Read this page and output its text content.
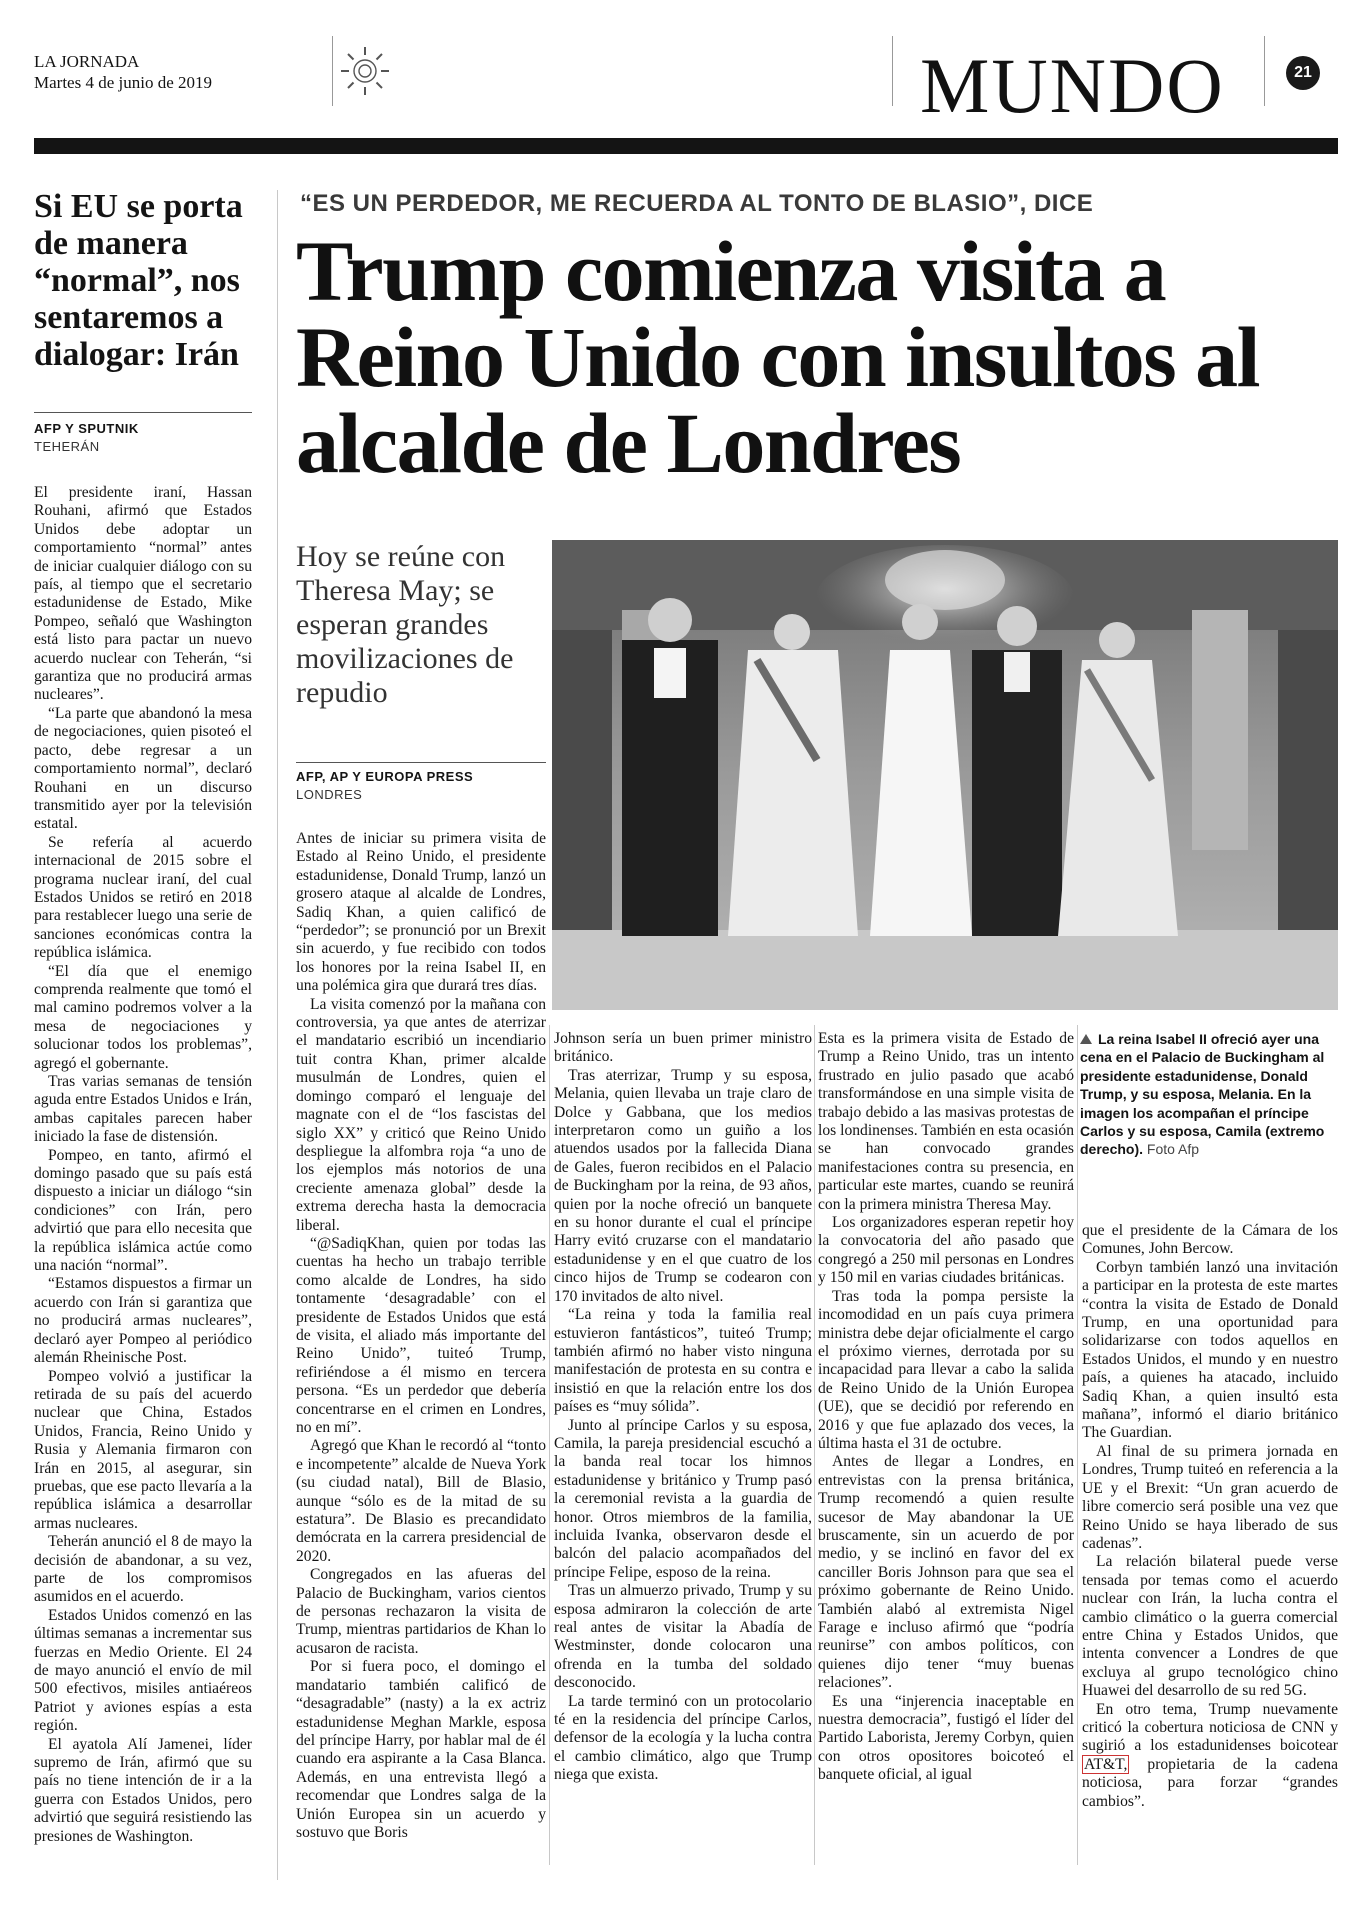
LA JORNADA
Martes 4 de junio de 2019	MUNDO	21
Si EU se porta de manera “normal”, nos sentaremos a dialogar: Irán
AFP Y SPUTNIK
TEHERÁN

El presidente iraní, Hassan Rouhani, afirmó que Estados Unidos debe adoptar un comportamiento “normal” antes de iniciar cualquier diálogo con su país, al tiempo que el secretario estadunidense de Estado, Mike Pompeo, señaló que Washington está listo para pactar un nuevo acuerdo nuclear con Teherán, “si garantiza que no producirá armas nucleares”.

“La parte que abandonó la mesa de negociaciones, quien pisoteó el pacto, debe regresar a un comportamiento normal”, declaró Rouhani en un discurso transmitido ayer por la televisión estatal.

Se refería al acuerdo internacional de 2015 sobre el programa nuclear iraní, del cual Estados Unidos se retiró en 2018 para restablecer luego una serie de sanciones económicas contra la república islámica.

“El día que el enemigo comprenda realmente que tomó el mal camino podremos volver a la mesa de negociaciones y solucionar todos los problemas”, agregó el gobernante.

Tras varias semanas de tensión aguda entre Estados Unidos e Irán, ambas capitales parecen haber iniciado la fase de distensión.

Pompeo, en tanto, afirmó el domingo pasado que su país está dispuesto a iniciar un diálogo “sin condiciones” con Irán, pero advirtió que para ello necesita que la república islámica actúe como una nación “normal”.

“Estamos dispuestos a firmar un acuerdo con Irán si garantiza que no producirá armas nucleares”, declaró ayer Pompeo al periódico alemán Rheinische Post.

Pompeo volvió a justificar la retirada de su país del acuerdo nuclear que China, Estados Unidos, Francia, Reino Unido y Rusia y Alemania firmaron con Irán en 2015, al asegurar, sin pruebas, que ese pacto llevaría a la república islámica a desarrollar armas nucleares.

Teherán anunció el 8 de mayo la decisión de abandonar, a su vez, parte de los compromisos asumidos en el acuerdo.

Estados Unidos comenzó en las últimas semanas a incrementar sus fuerzas en Medio Oriente. El 24 de mayo anunció el envío de mil 500 efectivos, misiles antiaéreos Patriot y aviones espías a esta región.

El ayatola Alí Jamenei, líder supremo de Irán, afirmó que su país no tiene intención de ir a la guerra con Estados Unidos, pero advirtió que seguirá resistiendo las presiones de Washington.

“ES UN PERDEDOR, ME RECUERDA AL TONTO DE BLASIO”, DICE
Trump comienza visita a Reino Unido con insultos al alcalde de Londres
Hoy se reúne con Theresa May; se esperan grandes movilizaciones de repudio
AFP, AP Y EUROPA PRESS
LONDRES
La reina Isabel II ofreció ayer una cena en el Palacio de Buckingham al presidente estadunidense, Donald Trump, y su esposa, Melania. En la imagen los acompañan el príncipe Carlos y su esposa, Camila (extremo derecho). Foto Afp

Antes de iniciar su primera visita de Estado al Reino Unido, el presidente estadunidense, Donald Trump, lanzó un grosero ataque al alcalde de Londres, Sadiq Khan, a quien calificó de “perdedor”; se pronunció por un Brexit sin acuerdo, y fue recibido con todos los honores por la reina Isabel II, en una polémica gira que durará tres días.

La visita comenzó por la mañana con controversia, ya que antes de aterrizar el mandatario escribió un incendiario tuit contra Khan, primer alcalde musulmán de Londres, quien el domingo comparó el lenguaje del magnate con el de “los fascistas del siglo XX” y criticó que Reino Unido despliegue la alfombra roja “a uno de los ejemplos más notorios de una creciente amenaza global” desde la extrema derecha hasta la democracia liberal.

“@SadiqKhan, quien por todas las cuentas ha hecho un trabajo terrible como alcalde de Londres, ha sido tontamente ‘desagradable’ con el presidente de Estados Unidos que está de visita, el aliado más importante del Reino Unido”, tuiteó Trump, refiriéndose a él mismo en tercera persona. “Es un perdedor que debería concentrarse en el crimen en Londres, no en mí”.

Agregó que Khan le recordó al “tonto e incompetente” alcalde de Nueva York (su ciudad natal), Bill de Blasio, aunque “sólo es de la mitad de su estatura”. De Blasio es precandidato demócrata en la carrera presidencial de 2020.

Congregados en las afueras del Palacio de Buckingham, varios cientos de personas rechazaron la visita de Trump, mientras partidarios de Khan lo acusaron de racista.

Por si fuera poco, el domingo el mandatario también calificó de “desagradable” (nasty) a la ex actriz estadunidense Meghan Markle, esposa del príncipe Harry, por hablar mal de él cuando era aspirante a la Casa Blanca. Además, en una entrevista llegó a recomendar que Londres salga de la Unión Europea sin un acuerdo y sostuvo que Boris

Johnson sería un buen primer ministro británico.

Tras aterrizar, Trump y su esposa, Melania, quien llevaba un traje claro de Dolce y Gabbana, que los medios interpretaron como un guiño a los atuendos usados por la fallecida Diana de Gales, fueron recibidos en el Palacio de Buckingham por la reina, de 93 años, quien por la noche ofreció un banquete en su honor durante el cual el príncipe Harry evitó cruzarse con el mandatario estadunidense y en el que cuatro de los cinco hijos de Trump se codearon con 170 invitados de alto nivel.

“La reina y toda la familia real estuvieron fantásticos”, tuiteó Trump; también afirmó no haber visto ninguna manifestación de protesta en su contra e insistió en que la relación entre los dos países es “muy sólida”.

Junto al príncipe Carlos y su esposa, Camila, la pareja presidencial escuchó a la banda real tocar los himnos estadunidense y británico y Trump pasó la ceremonial revista a la guardia de honor. Otros miembros de la familia, incluida Ivanka, observaron desde el balcón del palacio acompañados del príncipe Felipe, esposo de la reina.

Tras un almuerzo privado, Trump y su esposa admiraron la colección de arte real antes de visitar la Abadía de Westminster, donde colocaron una ofrenda en la tumba del soldado desconocido.

La tarde terminó con un protocolario té en la residencia del príncipe Carlos, defensor de la ecología y la lucha contra el cambio climático, algo que Trump niega que exista.

Esta es la primera visita de Estado de Trump a Reino Unido, tras un intento frustrado en julio pasado que acabó transformándose en una simple visita de trabajo debido a las masivas protestas de los londinenses. También en esta ocasión se han convocado grandes manifestaciones contra su presencia, en particular este martes, cuando se reunirá con la primera ministra Theresa May.

Los organizadores esperan repetir hoy la convocatoria del año pasado que congregó a 250 mil personas en Londres y 150 mil en varias ciudades británicas.

Tras toda la pompa persiste la incomodidad en un país cuya primera ministra debe dejar oficialmente el cargo el próximo viernes, derrotada por su incapacidad para llevar a cabo la salida de Reino Unido de la Unión Europea (UE), que se decidió por referendo en 2016 y que fue aplazado dos veces, la última hasta el 31 de octubre.

Antes de llegar a Londres, en entrevistas con la prensa británica, Trump recomendó a quien resulte sucesor de May abandonar la UE bruscamente, sin un acuerdo de por medio, y se inclinó en favor del ex canciller Boris Johnson para que sea el próximo gobernante de Reino Unido. También alabó al extremista Nigel Farage e incluso afirmó que “podría reunirse” con ambos políticos, con quienes dijo tener “muy buenas relaciones”.

Es una “injerencia inaceptable en nuestra democracia”, fustigó el líder del Partido Laborista, Jeremy Corbyn, quien con otros opositores boicoteó el banquete oficial, al igual

que el presidente de la Cámara de los Comunes, John Bercow.

Corbyn también lanzó una invitación a participar en la protesta de este martes “contra la visita de Estado de Donald Trump, en una oportunidad para solidarizarse con todos aquellos en Estados Unidos, el mundo y en nuestro país, a quienes ha atacado, incluido Sadiq Khan, a quien insultó esta mañana”, informó el diario británico The Guardian.

Al final de su primera jornada en Londres, Trump tuiteó en referencia a la UE y el Brexit: “Un gran acuerdo de libre comercio será posible una vez que Reino Unido se haya liberado de sus cadenas”.

La relación bilateral puede verse tensada por temas como el acuerdo nuclear con Irán, la lucha contra el cambio climático o la guerra comercial entre China y Estados Unidos, que intenta convencer a Londres de que excluya al grupo tecnológico chino Huawei del desarrollo de su red 5G.

En otro tema, Trump nuevamente criticó la cobertura noticiosa de CNN y sugirió a los estadunidenses boicotear AT&T, propietaria de la cadena noticiosa, para forzar “grandes cambios”.
